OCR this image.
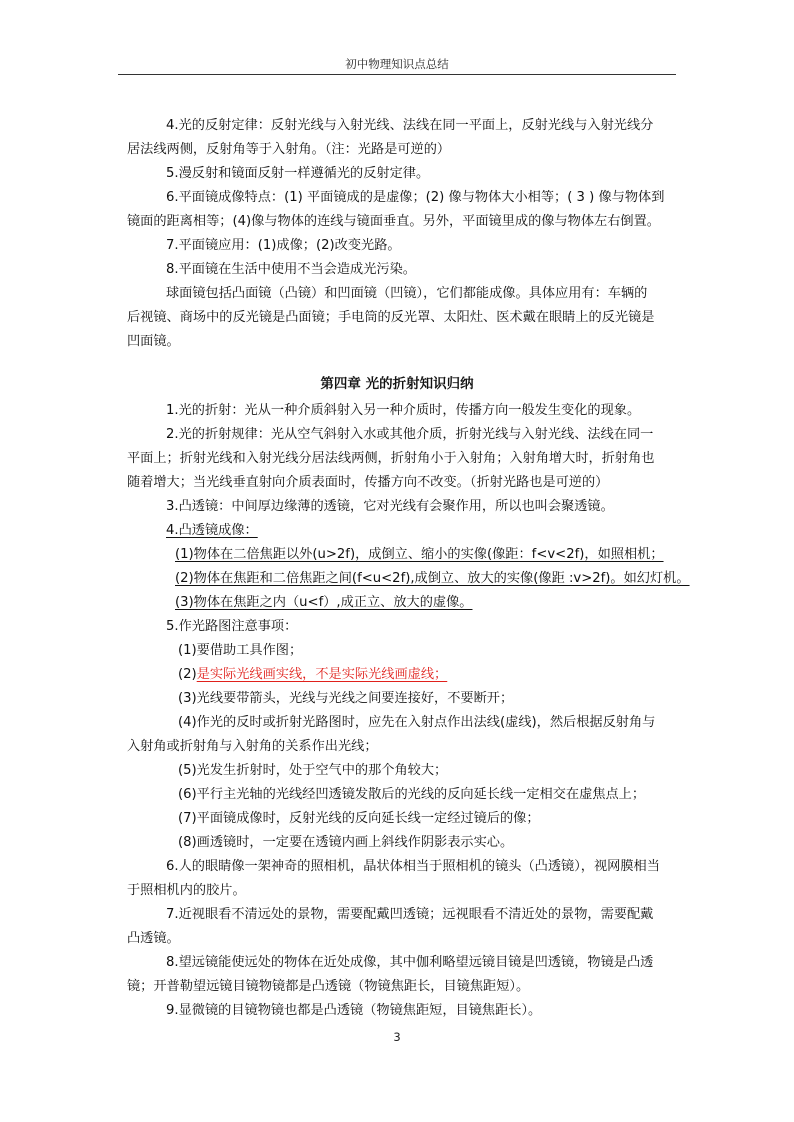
初中物理知识点总结
4.光的反射定律：反射光线与入射光线、法线在同一平面上，反射光线与入射光线分
居法线两侧，反射角等于入射角。（注：光路是可逆的）
5.漫反射和镜面反射一样遵循光的反射定律。
6.平面镜成像特点：(1) 平面镜成的是虚像；(2) 像与物体大小相等；( 3 ) 像与物体到
镜面的距离相等；(4)像与物体的连线与镜面垂直。另外，平面镜里成的像与物体左右倒置。
7.平面镜应用：(1)成像；(2)改变光路。
8.平面镜在生活中使用不当会造成光污染。
球面镜包括凸面镜（凸镜）和凹面镜（凹镜），它们都能成像。具体应用有：车辆的
后视镜、商场中的反光镜是凸面镜；手电筒的反光罩、太阳灶、医术戴在眼睛上的反光镜是
凹面镜。
第四章 光的折射知识归纳
1.光的折射：光从一种介质斜射入另一种介质时，传播方向一般发生变化的现象。
2.光的折射规律：光从空气斜射入水或其他介质，折射光线与入射光线、法线在同一
平面上；折射光线和入射光线分居法线两侧，折射角小于入射角；入射角增大时，折射角也
随着增大；当光线垂直射向介质表面时，传播方向不改变。（折射光路也是可逆的）
3.凸透镜：中间厚边缘薄的透镜，它对光线有会聚作用，所以也叫会聚透镜。
4.凸透镜成像：
(1)物体在二倍焦距以外(u>2f)，成倒立、缩小的实像(像距：f<v<2f)，如照相机；
(2)物体在焦距和二倍焦距之间(f<u<2f),成倒立、放大的实像(像距 :v>2f)。如幻灯机。
(3)物体在焦距之内（u<f）,成正立、放大的虚像。
5.作光路图注意事项：
(1)要借助工具作图；
(2)是实际光线画实线，不是实际光线画虚线；
(3)光线要带箭头，光线与光线之间要连接好，不要断开；
(4)作光的反时或折射光路图时，应先在入射点作出法线(虚线)，然后根据反射角与
入射角或折射角与入射角的关系作出光线；
(5)光发生折射时，处于空气中的那个角较大；
(6)平行主光轴的光线经凹透镜发散后的光线的反向延长线一定相交在虚焦点上；
(7)平面镜成像时，反射光线的反向延长线一定经过镜后的像；
(8)画透镜时，一定要在透镜内画上斜线作阴影表示实心。
6.人的眼睛像一架神奇的照相机，晶状体相当于照相机的镜头（凸透镜），视网膜相当
于照相机内的胶片。
7.近视眼看不清远处的景物，需要配戴凹透镜；远视眼看不清近处的景物，需要配戴
凸透镜。
8.望远镜能使远处的物体在近处成像，其中伽利略望远镜目镜是凹透镜，物镜是凸透
镜；开普勒望远镜目镜物镜都是凸透镜（物镜焦距长，目镜焦距短）。
9.显微镜的目镜物镜也都是凸透镜（物镜焦距短，目镜焦距长）。
3
